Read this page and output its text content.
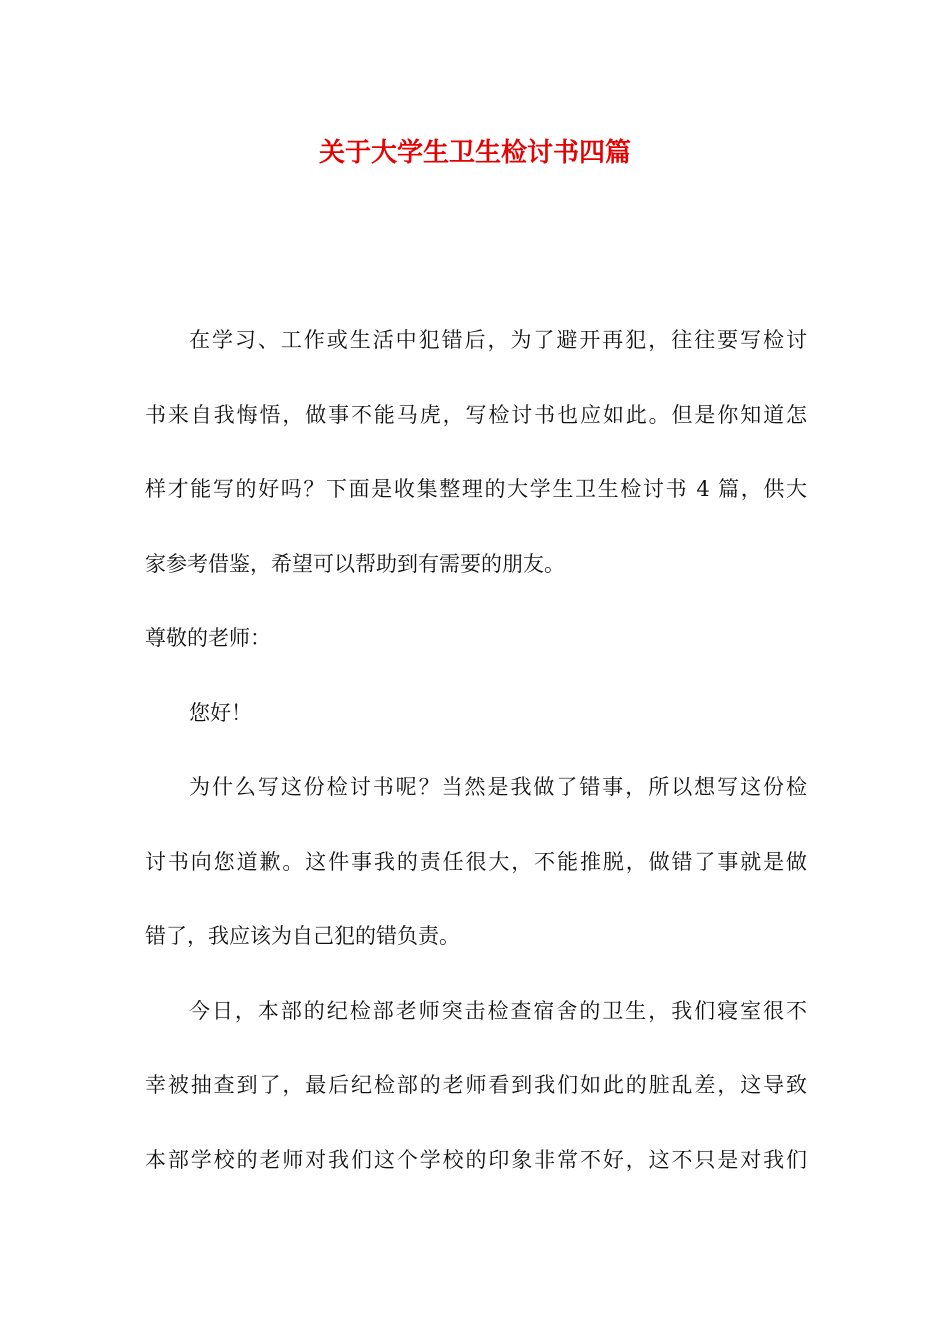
关于大学生卫生检讨书四篇
在学习、工作或生活中犯错后，为了避开再犯，往往要写检讨
书来自我悔悟，做事不能马虎，写检讨书也应如此。但是你知道怎
样才能写的好吗？下面是收集整理的大学生卫生检讨书 4 篇，供大
家参考借鉴，希望可以帮助到有需要的朋友。
尊敬的老师：
您好！
为什么写这份检讨书呢？当然是我做了错事，所以想写这份检
讨书向您道歉。这件事我的责任很大，不能推脱，做错了事就是做
错了，我应该为自己犯的错负责。
今日，本部的纪检部老师突击检查宿舍的卫生，我们寝室很不
幸被抽查到了，最后纪检部的老师看到我们如此的脏乱差，这导致
本部学校的老师对我们这个学校的印象非常不好，这不只是对我们
